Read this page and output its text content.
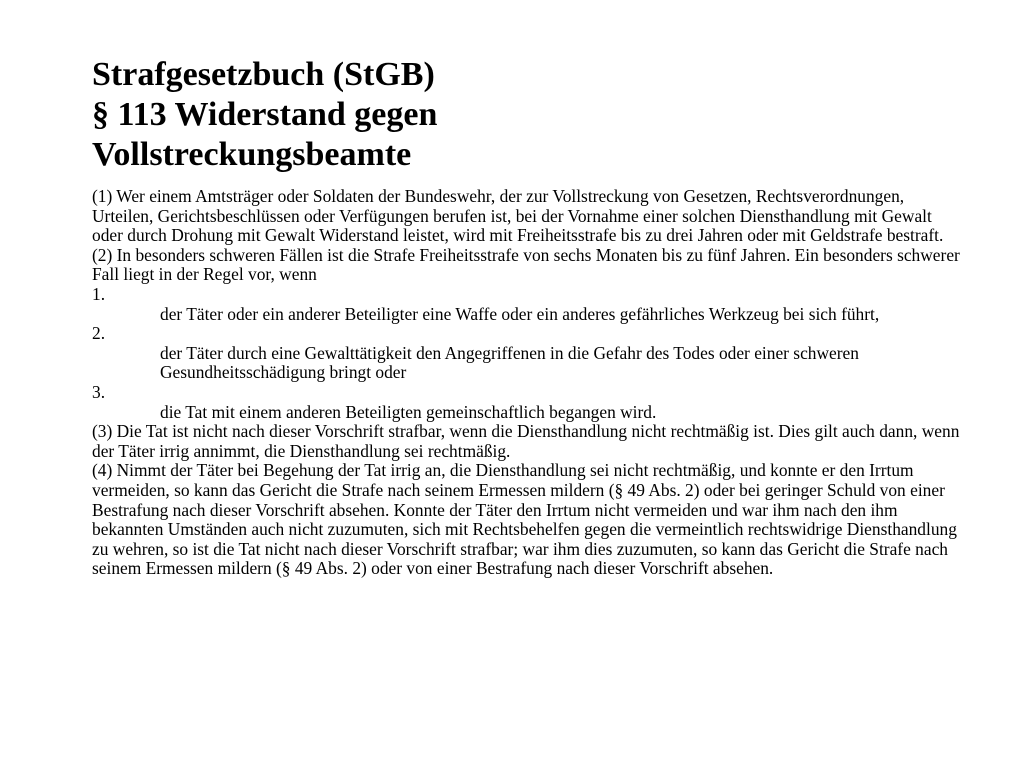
Strafgesetzbuch (StGB)
§ 113 Widerstand gegen
Vollstreckungsbeamte

(1) Wer einem Amtsträger oder Soldaten der Bundeswehr, der zur Vollstreckung von Gesetzen, Rechtsverordnungen, Urteilen, Gerichtsbeschlüssen oder Verfügungen berufen ist, bei der Vornahme einer solchen Diensthandlung mit Gewalt oder durch Drohung mit Gewalt Widerstand leistet, wird mit Freiheitsstrafe bis zu drei Jahren oder mit Geldstrafe bestraft.

(2) In besonders schweren Fällen ist die Strafe Freiheitsstrafe von sechs Monaten bis zu fünf Jahren. Ein besonders schwerer Fall liegt in der Regel vor, wenn

1.

der Täter oder ein anderer Beteiligter eine Waffe oder ein anderes gefährliches Werkzeug bei sich führt,

2.

der Täter durch eine Gewalttätigkeit den Angegriffenen in die Gefahr des Todes oder einer schweren Gesundheitsschädigung bringt oder

3.

die Tat mit einem anderen Beteiligten gemeinschaftlich begangen wird.

(3) Die Tat ist nicht nach dieser Vorschrift strafbar, wenn die Diensthandlung nicht rechtmäßig ist. Dies gilt auch dann, wenn der Täter irrig annimmt, die Diensthandlung sei rechtmäßig.

(4) Nimmt der Täter bei Begehung der Tat irrig an, die Diensthandlung sei nicht rechtmäßig, und konnte er den Irrtum vermeiden, so kann das Gericht die Strafe nach seinem Ermessen mildern (§ 49 Abs. 2) oder bei geringer Schuld von einer Bestrafung nach dieser Vorschrift absehen. Konnte der Täter den Irrtum nicht vermeiden und war ihm nach den ihm bekannten Umständen auch nicht zuzumuten, sich mit Rechtsbehelfen gegen die vermeintlich rechtswidrige Diensthandlung zu wehren, so ist die Tat nicht nach dieser Vorschrift strafbar; war ihm dies zuzumuten, so kann das Gericht die Strafe nach seinem Ermessen mildern (§ 49 Abs. 2) oder von einer Bestrafung nach dieser Vorschrift absehen.
